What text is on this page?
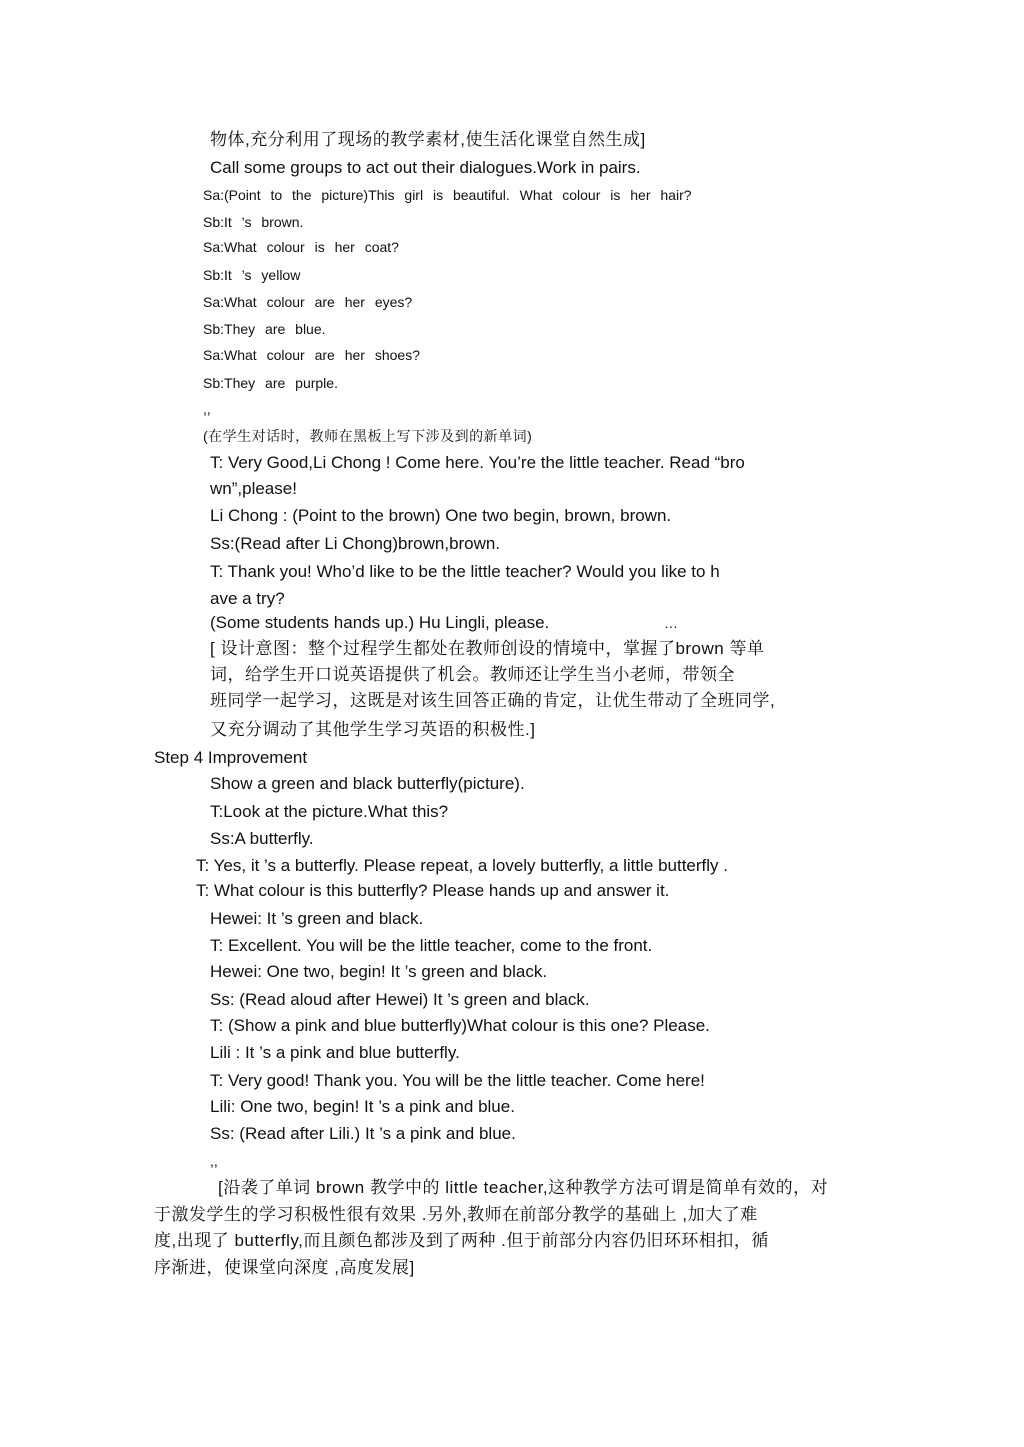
物体,充分利用了现场的教学素材,使生活化课堂自然生成]
Call some groups to act out their dialogues.Work in pairs.
Sa:(Point to the picture)This girl is beautiful. What colour is her hair?
Sb:It ’s brown.
Sa:What colour is her coat?
Sb:It ’s yellow
Sa:What colour are her eyes?
Sb:They are blue.
Sa:What colour are her shoes?
Sb:They are purple.
,,
(在学生对话时，教师在黑板上写下涉及到的新单词)
T: Very Good,Li Chong ! Come here. You’re the little teacher. Read “bro
wn”,please!
Li Chong : (Point to the brown) One two begin, brown, brown.
Ss:(Read after Li Chong)brown,brown.
T: Thank you! Who’d like to be the little teacher? Would you like to h
ave a try?
(Some students hands up.) Hu Lingli, please.	…
[ 设计意图：整个过程学生都处在教师创设的情境中，掌握了brown 等单
词，给学生开口说英语提供了机会。教师还让学生当小老师，带领全
班同学一起学习，这既是对该生回答正确的肯定，让优生带动了全班同学,
又充分调动了其他学生学习英语的积极性.]
Step 4 Improvement
Show a green and black butterfly(picture).
T:Look at the picture.What this?
Ss:A butterfly.
T: Yes, it ’s a butterfly. Please repeat, a lovely butterfly, a little butterfly .
T: What colour is this butterfly? Please hands up and answer it.
Hewei: It ’s green and black.
T: Excellent. You will be the little teacher, come to the front.
Hewei: One two, begin! It ’s green and black.
Ss: (Read aloud after Hewei) It ’s green and black.
T: (Show a pink and blue butterfly)What colour is this one? Please.
Lili : It ’s a pink and blue butterfly.
T: Very good! Thank you. You will be the little teacher. Come here!
Lili: One two, begin! It ’s a pink and blue.
Ss: (Read after Lili.) It ’s a pink and blue.
,,
[沿袭了单词 brown 教学中的 little teacher,这种教学方法可谓是简单有效的，对
于激发学生的学习积极性很有效果 .另外,教师在前部分教学的基础上 ,加大了难
度,出现了 butterfly,而且颜色都涉及到了两种 .但于前部分内容仍旧环环相扣，循
序渐进，使课堂向深度 ,高度发展]
